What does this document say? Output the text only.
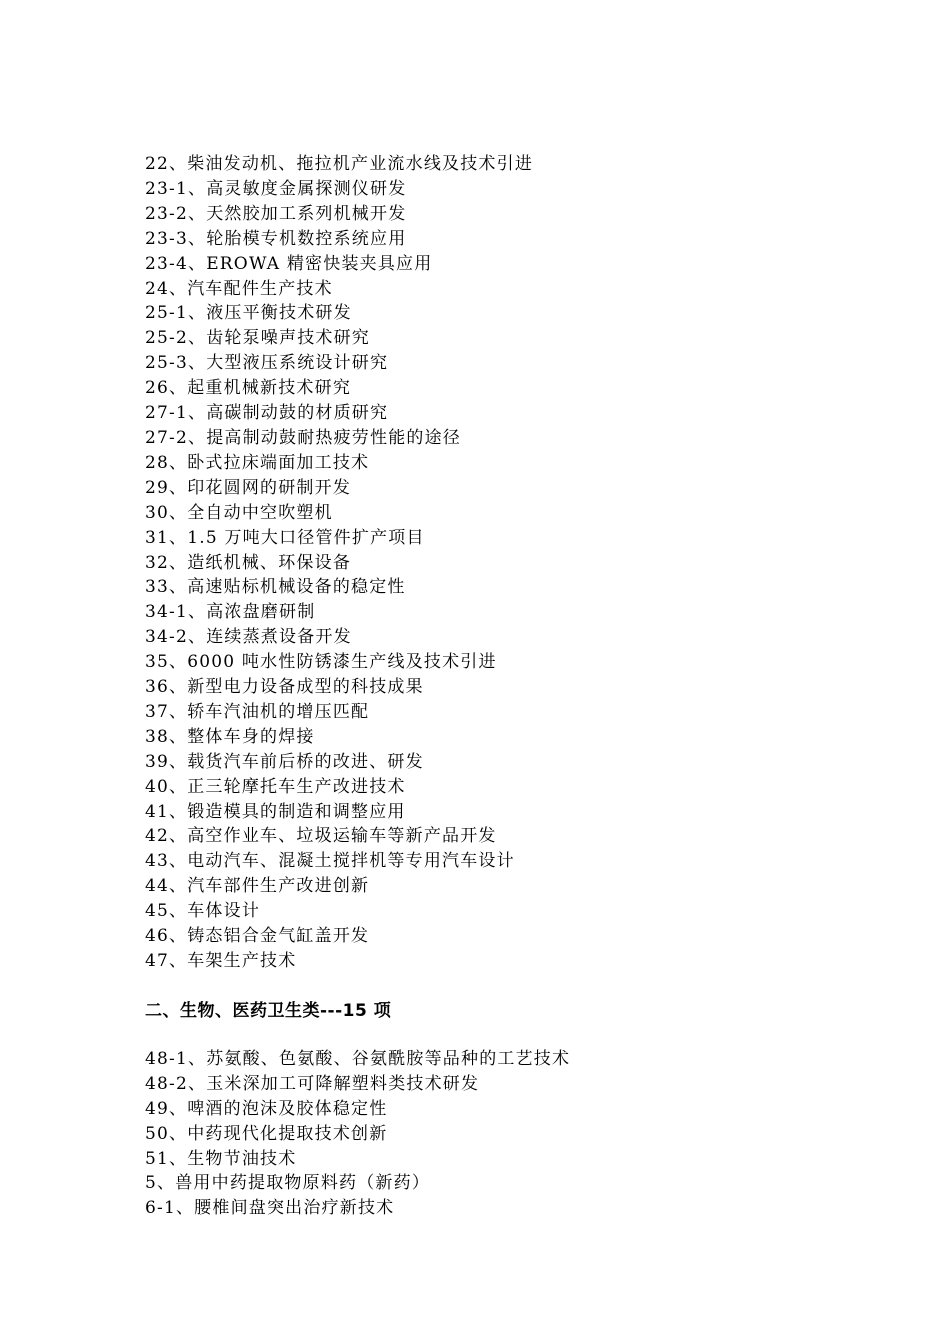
22、柴油发动机、拖拉机产业流水线及技术引进
23-1、高灵敏度金属探测仪研发
23-2、天然胶加工系列机械开发
23-3、轮胎模专机数控系统应用
23-4、EROWA 精密快装夹具应用
24、汽车配件生产技术
25-1、液压平衡技术研发
25-2、齿轮泵噪声技术研究
25-3、大型液压系统设计研究
26、起重机械新技术研究
27-1、高碳制动鼓的材质研究
27-2、提高制动鼓耐热疲劳性能的途径
28、卧式拉床端面加工技术
29、印花圆网的研制开发
30、全自动中空吹塑机
31、1.5 万吨大口径管件扩产项目
32、造纸机械、环保设备
33、高速贴标机械设备的稳定性
34-1、高浓盘磨研制
34-2、连续蒸煮设备开发
35、6000 吨水性防锈漆生产线及技术引进
36、新型电力设备成型的科技成果
37、轿车汽油机的增压匹配
38、整体车身的焊接
39、载货汽车前后桥的改进、研发
40、正三轮摩托车生产改进技术
41、锻造模具的制造和调整应用
42、高空作业车、垃圾运输车等新产品开发
43、电动汽车、混凝土搅拌机等专用汽车设计
44、汽车部件生产改进创新
45、车体设计
46、铸态铝合金气缸盖开发
47、车架生产技术
二、生物、医药卫生类---15 项
48-1、苏氨酸、色氨酸、谷氨酰胺等品种的工艺技术
48-2、玉米深加工可降解塑料类技术研发
49、啤酒的泡沫及胶体稳定性
50、中药现代化提取技术创新
51、生物节油技术
5、兽用中药提取物原料药（新药）
6-1、腰椎间盘突出治疗新技术
